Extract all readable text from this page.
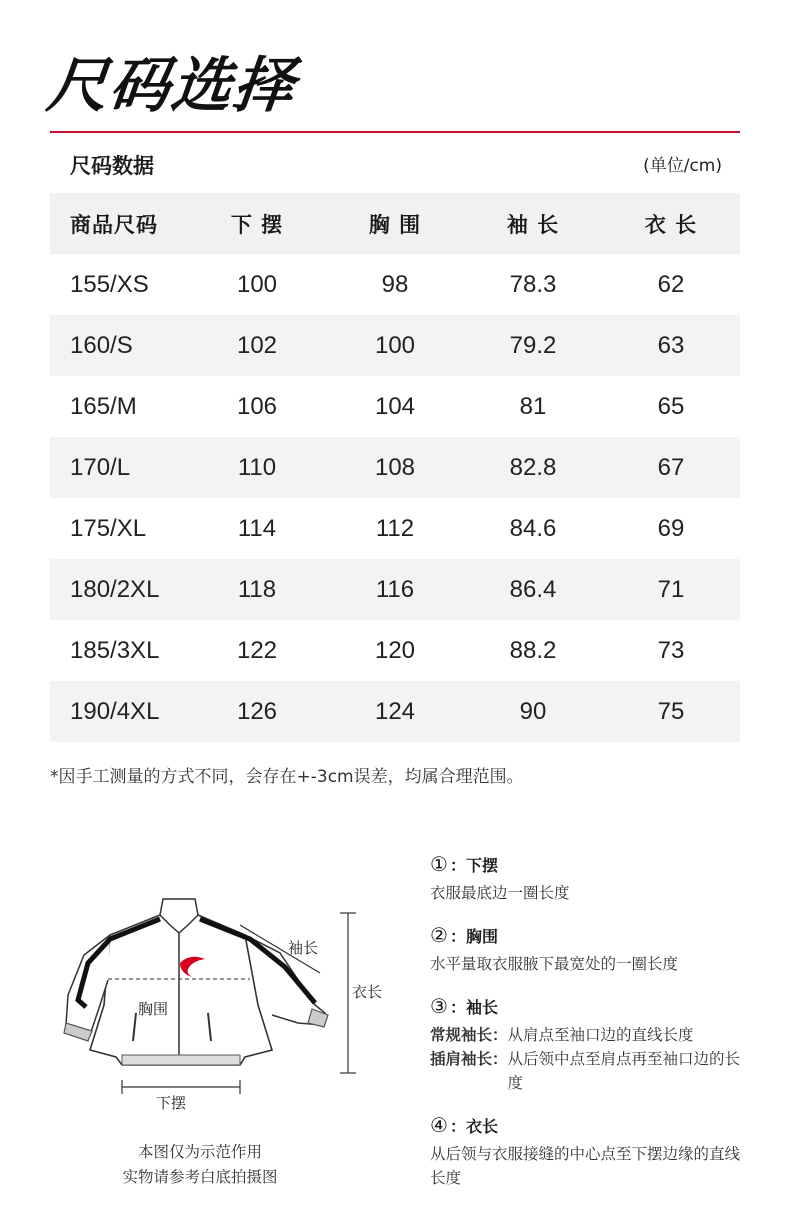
尺码选择
尺码数据	(单位/cm)
商品尺码	下 摆	胸 围	袖 长	衣 长
155/XS	100	98	78.3	62
160/S	102	100	79.2	63
165/M	106	104	81	65
170/L	110	108	82.8	67
175/XL	114	112	84.6	69
180/2XL	118	116	86.4	71
185/3XL	122	120	88.2	73
190/4XL	126	124	90	75
*因手工测量的方式不同，会存在+-3cm误差，均属合理范围。
袖长
衣长
胸围
下摆
本图仅为示范作用
实物请参考白底拍摄图
① ：下摆
衣服最底边一圈长度
② ：胸围
水平量取衣服腋下最宽处的一圈长度
③ ：袖长
常规袖长： 从肩点至袖口边的直线长度
插肩袖长： 从后领中点至肩点再至袖口边的长度
④ ：衣长
从后领与衣服接缝的中心点至下摆边缘的直线长度
